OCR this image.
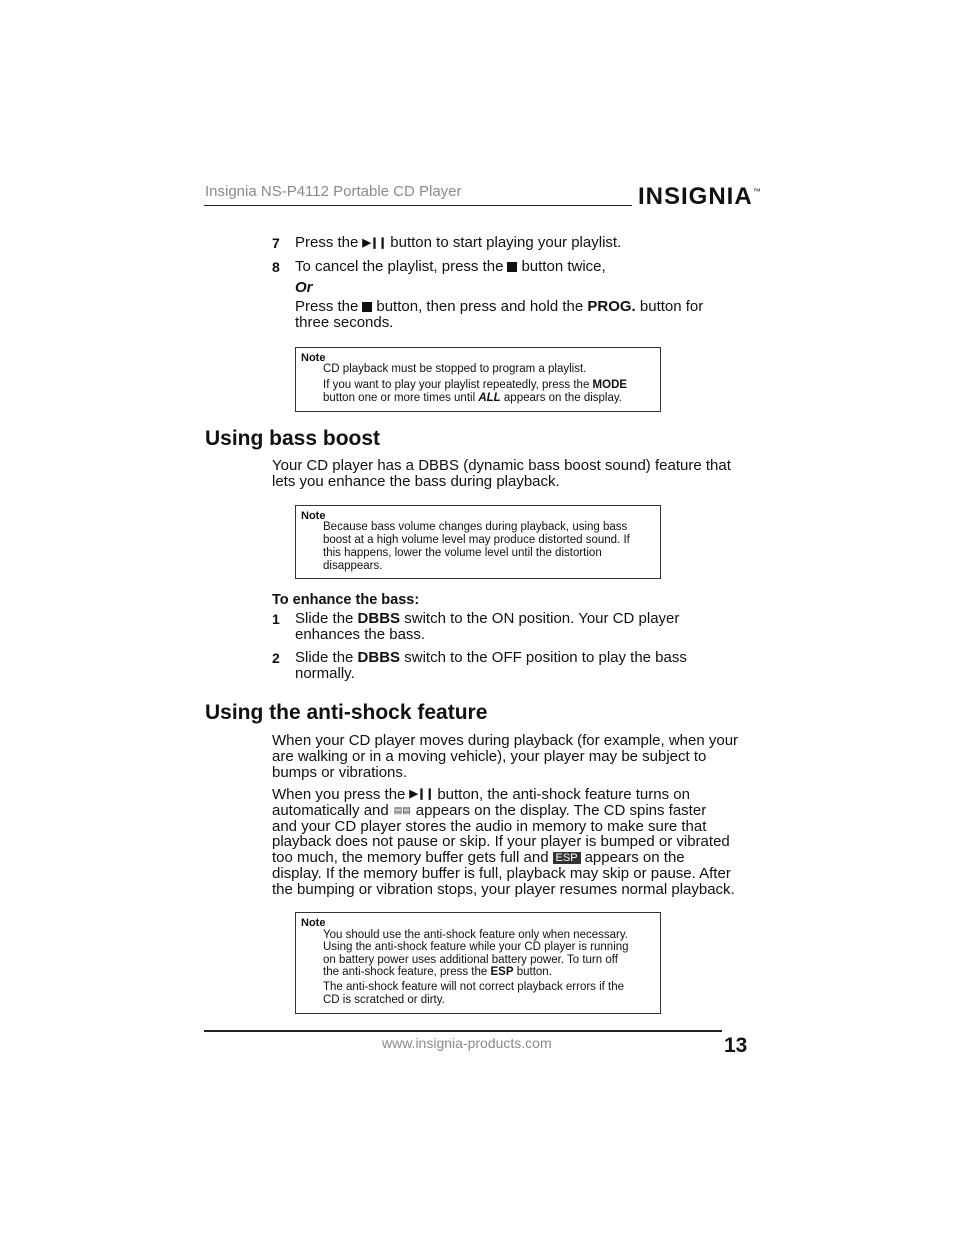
Insignia NS-P4112 Portable CD Player	INSIGNIA™
7 Press the ▶❙❙ button to start playing your playlist.
8 To cancel the playlist, press the button twice,
Or
Press the button, then press and hold the PROG. button for
three seconds.
Note
CD playback must be stopped to program a playlist.
If you want to play your playlist repeatedly, press the MODE
button one or more times until ALL appears on the display.
Using bass boost
Your CD player has a DBBS (dynamic bass boost sound) feature that
lets you enhance the bass during playback.
Note
Because bass volume changes during playback, using bass
boost at a high volume level may produce distorted sound. If
this happens, lower the volume level until the distortion
disappears.
To enhance the bass:
1 Slide the DBBS switch to the ON position. Your CD player
enhances the bass.
2 Slide the DBBS switch to the OFF position to play the bass
normally.
Using the anti-shock feature
When your CD player moves during playback (for example, when your
are walking or in a moving vehicle), your player may be subject to
bumps or vibrations.
When you press the ▶❙❙ button, the anti-shock feature turns on
automatically and ▤▤ appears on the display. The CD spins faster
and your CD player stores the audio in memory to make sure that
playback does not pause or skip. If your player is bumped or vibrated
too much, the memory buffer gets full and ESP appears on the
display. If the memory buffer is full, playback may skip or pause. After
the bumping or vibration stops, your player resumes normal playback.
Note
You should use the anti-shock feature only when necessary.
Using the anti-shock feature while your CD player is running
on battery power uses additional battery power. To turn off
the anti-shock feature, press the ESP button.
The anti-shock feature will not correct playback errors if the
CD is scratched or dirty.
www.insignia-products.com	13
